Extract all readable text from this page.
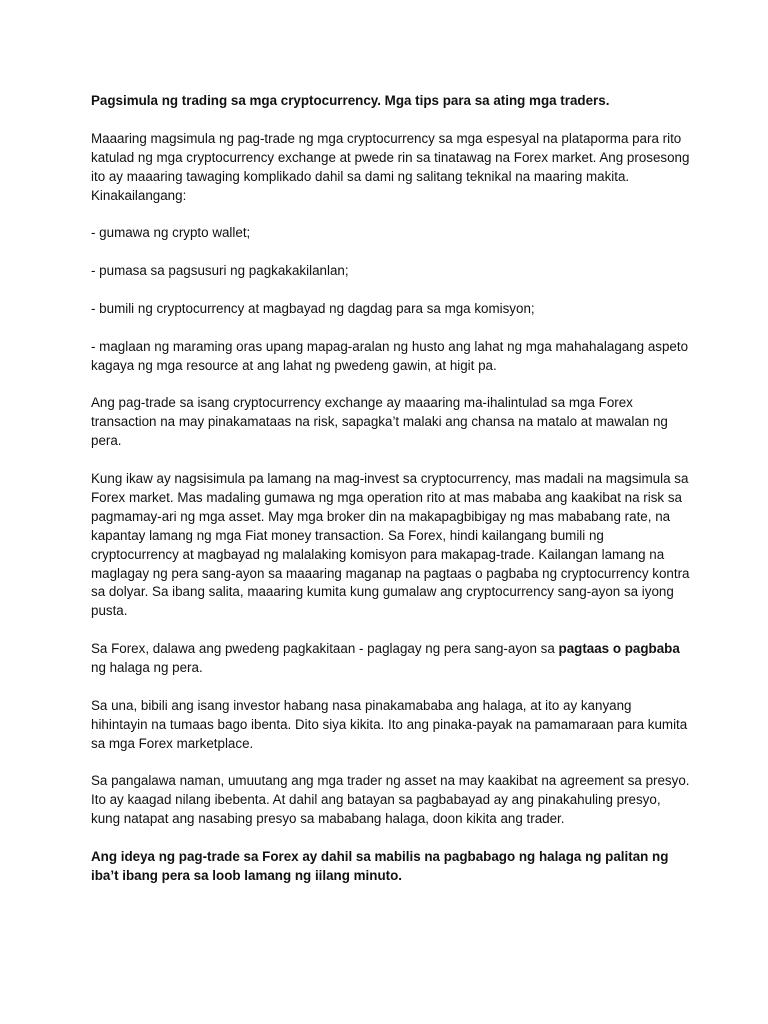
Pagsimula ng trading sa mga cryptocurrency. Mga tips para sa ating mga traders.

Maaaring magsimula ng pag-trade ng mga cryptocurrency sa mga espesyal na plataporma para rito katulad ng mga cryptocurrency exchange at pwede rin sa tinatawag na Forex market. Ang prosesong ito ay maaaring tawaging komplikado dahil sa dami ng salitang teknikal na maaring makita. Kinakailangang:

- gumawa ng crypto wallet;

- pumasa sa pagsusuri ng pagkakakilanlan;

- bumili ng cryptocurrency at magbayad ng dagdag para sa mga komisyon;

- maglaan ng maraming oras upang mapag-aralan ng husto ang lahat ng mga mahahalagang aspeto kagaya ng mga resource at ang lahat ng pwedeng gawin, at higit pa.

Ang pag-trade sa isang cryptocurrency exchange ay maaaring ma-ihalintulad sa mga Forex transaction na may pinakamataas na risk, sapagka’t malaki ang chansa na matalo at mawalan ng pera.

Kung ikaw ay nagsisimula pa lamang na mag-invest sa cryptocurrency, mas madali na magsimula sa Forex market. Mas madaling gumawa ng mga operation rito at mas mababa ang kaakibat na risk sa pagmamay-ari ng mga asset. May mga broker din na makapagbibigay ng mas mababang rate, na kapantay lamang ng mga Fiat money transaction. Sa Forex, hindi kailangang bumili ng cryptocurrency at magbayad ng malalaking komisyon para makapag-trade. Kailangan lamang na maglagay ng pera sang-ayon sa maaaring maganap na pagtaas o pagbaba ng cryptocurrency kontra sa dolyar. Sa ibang salita, maaaring kumita kung gumalaw ang cryptocurrency sang-ayon sa iyong pusta.

Sa Forex, dalawa ang pwedeng pagkakitaan - paglagay ng pera sang-ayon sa pagtaas o pagbaba ng halaga ng pera.

Sa una, bibili ang isang investor habang nasa pinakamababa ang halaga, at ito ay kanyang hihintayin na tumaas bago ibenta. Dito siya kikita. Ito ang pinaka-payak na pamamaraan para kumita sa mga Forex marketplace.

Sa pangalawa naman, umuutang ang mga trader ng asset na may kaakibat na agreement sa presyo. Ito ay kaagad nilang ibebenta. At dahil ang batayan sa pagbabayad ay ang pinakahuling presyo, kung natapat ang nasabing presyo sa mababang halaga, doon kikita ang trader.

Ang ideya ng pag-trade sa Forex ay dahil sa mabilis na pagbabago ng halaga ng palitan ng iba’t ibang pera sa loob lamang ng iilang minuto.
